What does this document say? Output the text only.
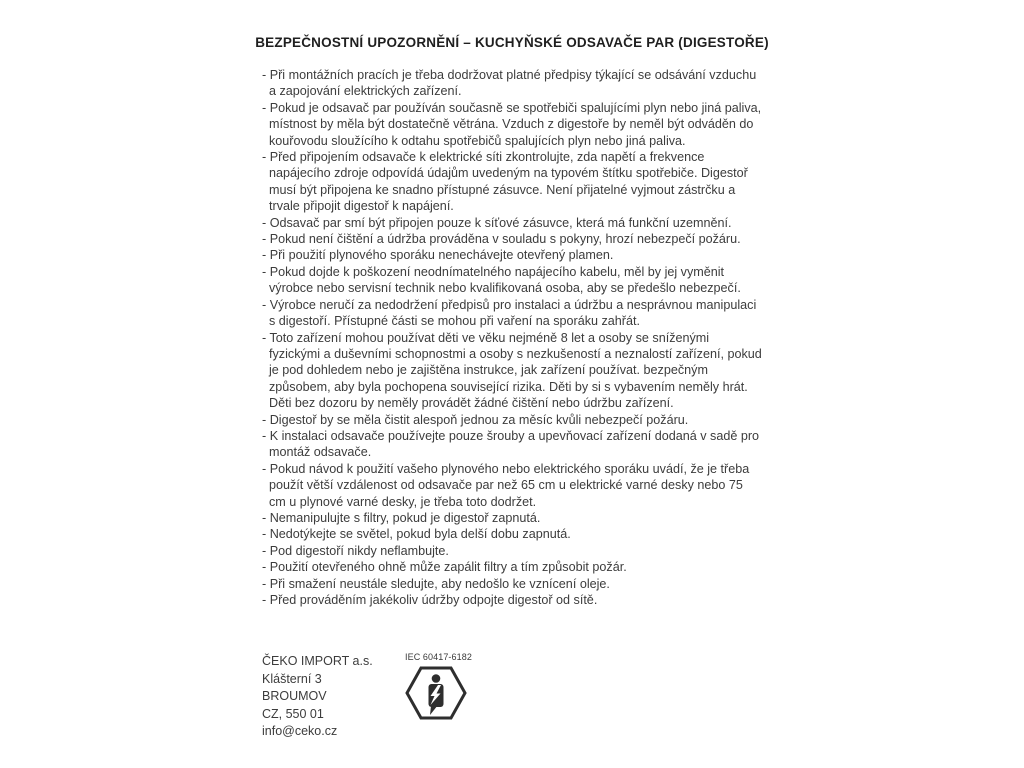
BEZPEČNOSTNÍ UPOZORNĚNÍ – KUCHYŇSKÉ ODSAVAČE PAR (DIGESTOŘE)

- Při montážních pracích je třeba dodržovat platné předpisy týkající se odsávání vzduchu a zapojování elektrických zařízení.

- Pokud je odsavač par používán současně se spotřebiči spalujícími plyn nebo jiná paliva, místnost by měla být dostatečně větrána. Vzduch z digestoře by neměl být odváděn do kouřovodu sloužícího k odtahu spotřebičů spalujících plyn nebo jiná paliva.

- Před připojením odsavače k elektrické síti zkontrolujte, zda napětí a frekvence napájecího zdroje odpovídá údajům uvedeným na typovém štítku spotřebiče. Digestoř musí být připojena ke snadno přístupné zásuvce. Není přijatelné vyjmout zástrčku a trvale připojit digestoř k napájení.

- Odsavač par smí být připojen pouze k síťové zásuvce, která má funkční uzemnění.

- Pokud není čištění a údržba prováděna v souladu s pokyny, hrozí nebezpečí požáru.

- Při použití plynového sporáku nenechávejte otevřený plamen.

- Pokud dojde k poškození neodnímatelného napájecího kabelu, měl by jej vyměnit výrobce nebo servisní technik nebo kvalifikovaná osoba, aby se předešlo nebezpečí.

- Výrobce neručí za nedodržení předpisů pro instalaci a údržbu a nesprávnou manipulaci s digestoří. Přístupné části se mohou při vaření na sporáku zahřát.

- Toto zařízení mohou používat děti ve věku nejméně 8 let a osoby se sníženými fyzickými a duševními schopnostmi a osoby s nezkušeností a neznalostí zařízení, pokud je pod dohledem nebo je zajištěna instrukce, jak zařízení používat. bezpečným způsobem, aby byla pochopena související rizika. Děti by si s vybavením neměly hrát. Děti bez dozoru by neměly provádět žádné čištění nebo údržbu zařízení.

- Digestoř by se měla čistit alespoň jednou za měsíc kvůli nebezpečí požáru.

- K instalaci odsavače používejte pouze šrouby a upevňovací zařízení dodaná v sadě pro montáž odsavače.

- Pokud návod k použití vašeho plynového nebo elektrického sporáku uvádí, že je třeba použít větší vzdálenost od odsavače par než 65 cm u elektrické varné desky nebo 75 cm u plynové varné desky, je třeba toto dodržet.

- Nemanipulujte s filtry, pokud je digestoř zapnutá.

- Nedotýkejte se světel, pokud byla delší dobu zapnutá.

- Pod digestoří nikdy neflambujte.

- Použití otevřeného ohně může zapálit filtry a tím způsobit požár.

- Při smažení neustále sledujte, aby nedošlo ke vznícení oleje.

- Před prováděním jakékoliv údržby odpojte digestoř od sítě.

ČEKO IMPORT a.s.
Klášterní 3
BROUMOV
CZ, 550 01
info@ceko.cz

IEC 60417-6182
